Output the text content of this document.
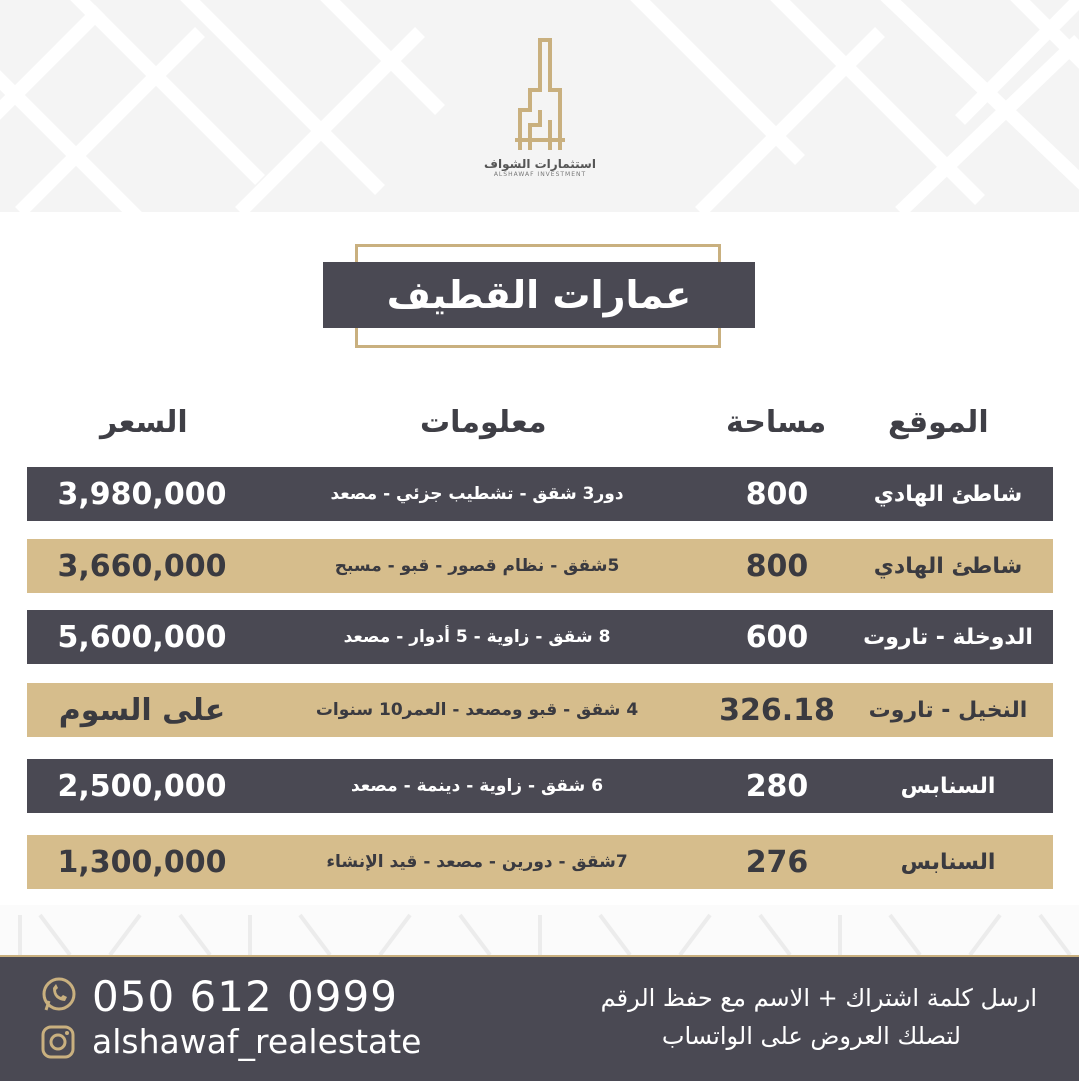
استثمارات الشواف
ALSHAWAF INVESTMENT
عمارات القطيف
الموقع
مساحة
معلومات
السعر
شاطئ الهادي
800
دور3 شقق - تشطيب جزئي - مصعد
3,980,000
شاطئ الهادي
800
5شقق - نظام قصور - قبو - مسبح
3,660,000
الدوخلة - تاروت
600
8 شقق - زاوية - 5 أدوار - مصعد
5,600,000
النخيل - تاروت
326.18
4 شقق - قبو ومصعد - العمر10 سنوات
على السوم
السنابس
280
6 شقق - زاوية - دينمة - مصعد
2,500,000
السنابس
276
7شقق - دورين - مصعد - قيد الإنشاء
1,300,000
050 612 0999
alshawaf_realestate
ارسل كلمة اشتراك + الاسم مع حفظ الرقم
لتصلك العروض على الواتساب
